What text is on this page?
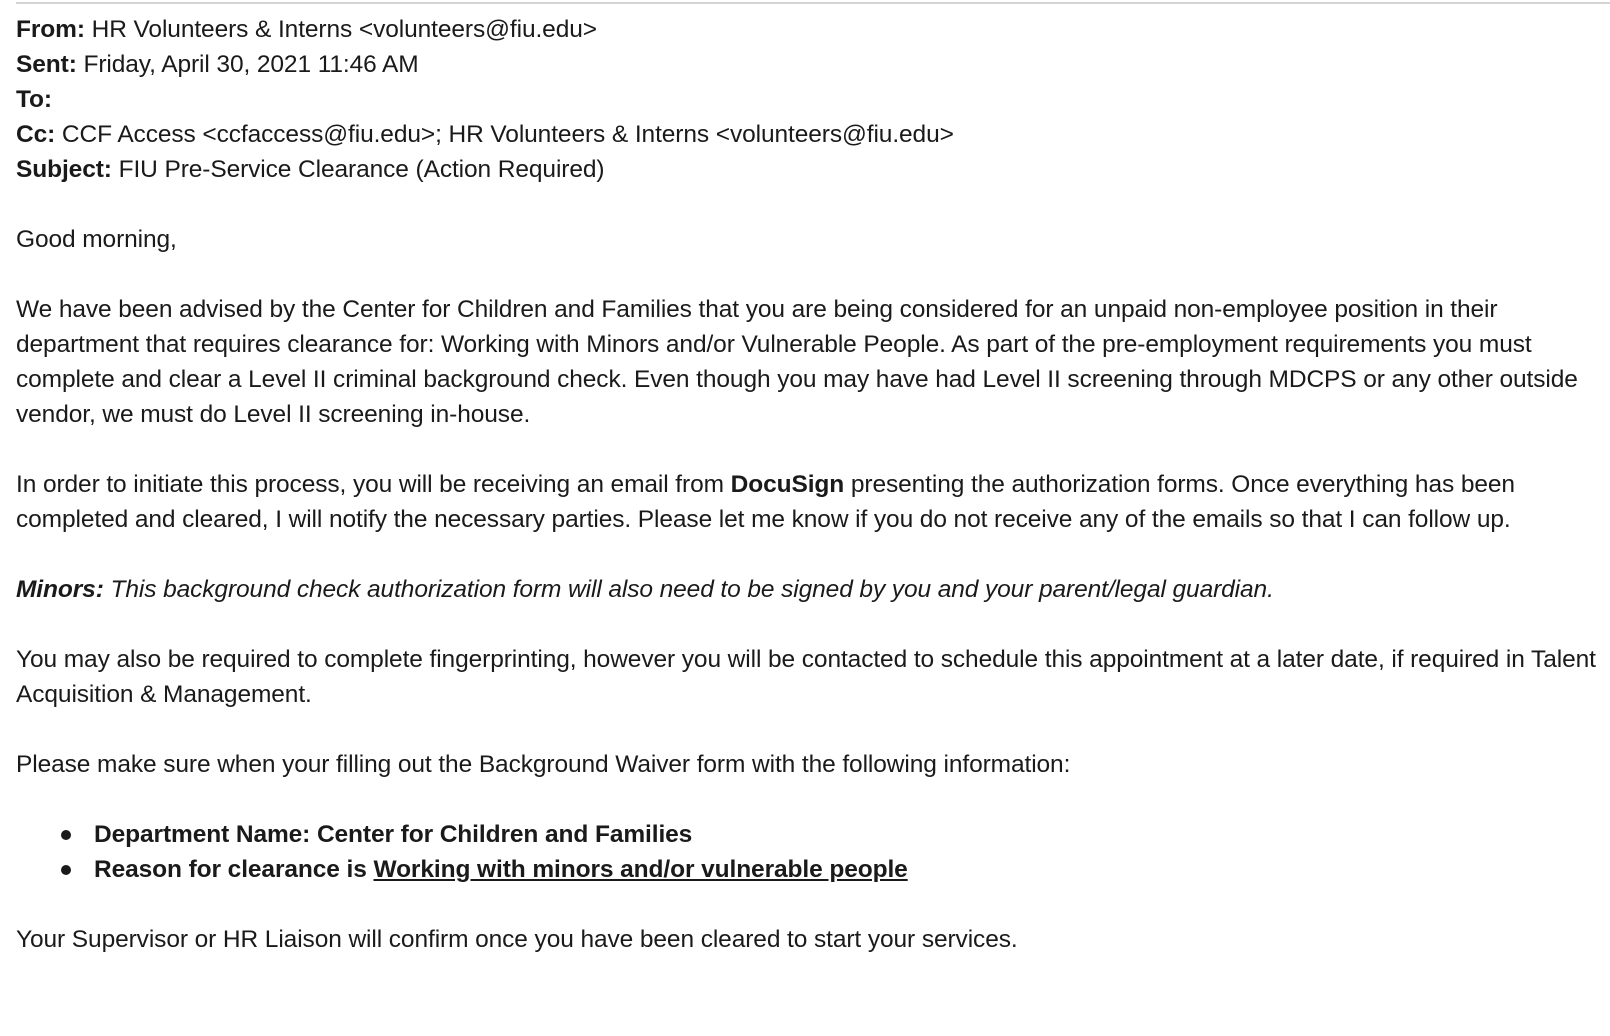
From: HR Volunteers & Interns <volunteers@fiu.edu>
Sent: Friday, April 30, 2021 11:46 AM
To:
Cc: CCF Access <ccfaccess@fiu.edu>; HR Volunteers & Interns <volunteers@fiu.edu>
Subject: FIU Pre-Service Clearance (Action Required)

Good morning,

We have been advised by the Center for Children and Families that you are being considered for an unpaid non-employee position in their department that requires clearance for: Working with Minors and/or Vulnerable People. As part of the pre-employment requirements you must complete and clear a Level II criminal background check. Even though you may have had Level II screening through MDCPS or any other outside vendor, we must do Level II screening in-house.

In order to initiate this process, you will be receiving an email from DocuSign presenting the authorization forms. Once everything has been completed and cleared, I will notify the necessary parties. Please let me know if you do not receive any of the emails so that I can follow up.

Minors: This background check authorization form will also need to be signed by you and your parent/legal guardian.

You may also be required to complete fingerprinting, however you will be contacted to schedule this appointment at a later date, if required in Talent Acquisition & Management.

Please make sure when your filling out the Background Waiver form with the following information:

Department Name: Center for Children and Families
Reason for clearance is Working with minors and/or vulnerable people

Your Supervisor or HR Liaison will confirm once you have been cleared to start your services.
